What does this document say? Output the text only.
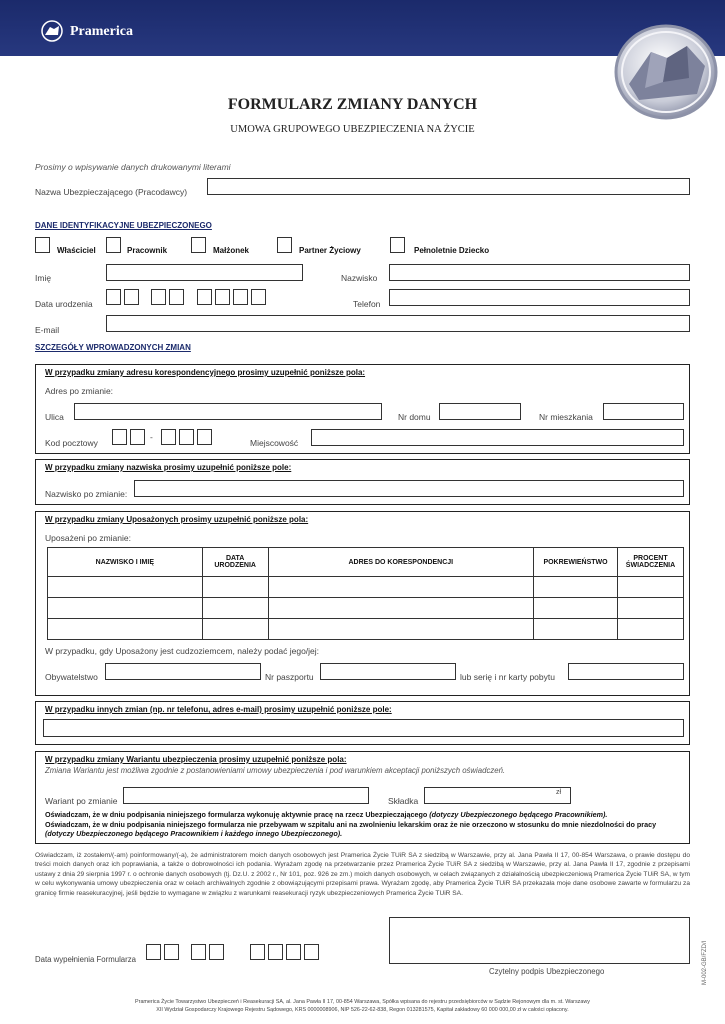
Pramerica
FORMULARZ ZMIANY DANYCH
UMOWA GRUPOWEGO UBEZPIECZENIA NA ŻYCIE
Prosimy o wpisywanie danych drukowanymi literami
Nazwa Ubezpieczającego (Pracodawcy)
DANE IDENTYFIKACYJNE UBEZPIECZONEGO
Właściciel	Pracownik	Małżonek	Partner Życiowy	Pełnoletnie Dziecko
Imię	Nazwisko
Data urodzenia	Telefon
E-mail
SZCZEGÓŁY WPROWADZONYCH ZMIAN
W przypadku zmiany adresu korespondencyjnego prosimy uzupełnić poniższe pola:
Adres po zmianie:
Ulica	Nr domu	Nr mieszkania
Kod pocztowy
-
Miejscowość
W przypadku zmiany nazwiska prosimy uzupełnić poniższe pole:
Nazwisko po zmianie:
W przypadku zmiany Uposażonych prosimy uzupełnić poniższe pola:
Uposażeni po zmianie:
NAZWISKO I IMIĘ	DATA URODZENIA	ADRES DO KORESPONDENCJI	POKREWIEŃSTWO	PROCENT ŚWIADCZENIA

W przypadku, gdy Uposażony jest cudzoziemcem, należy podać jego/jej:
Obywatelstwo	Nr paszportu	lub serię i nr karty pobytu
W przypadku innych zmian (np. nr telefonu, adres e-mail) prosimy uzupełnić poniższe pole:
W przypadku zmiany Wariantu ubezpieczenia prosimy uzupełnić poniższe pola:
Zmiana Wariantu jest możliwa zgodnie z postanowieniami umowy ubezpieczenia i pod warunkiem akceptacji poniższych oświadczeń.
Wariant po zmianie	Składka
zł
Oświadczam, że w dniu podpisania niniejszego formularza wykonuję aktywnie pracę na rzecz Ubezpieczającego (dotyczy Ubezpieczonego będącego Pracownikiem).
Oświadczam, że w dniu podpisania niniejszego formularza nie przebywam w szpitalu ani na zwolnieniu lekarskim oraz że nie orzeczono w stosunku do mnie niezdolności do pracy (dotyczy Ubezpieczonego będącego Pracownikiem i każdego innego Ubezpieczonego).
Oświadczam, iż zostałem/(-am) poinformowany/(-a), że administratorem moich danych osobowych jest Pramerica Życie TUiR SA z siedzibą w Warszawie, przy al. Jana Pawła II 17, 00-854 Warszawa, o prawie dostępu do treści moich danych oraz ich poprawiania, a także o dobrowolności ich podania. Wyrażam zgodę na przetwarzanie przez Pramerica Życie TUiR SA z siedzibą w Warszawie, przy al. Jana Pawła II 17, zgodnie z przepisami ustawy z dnia 29 sierpnia 1997 r. o ochronie danych osobowych (tj. Dz.U. z 2002 r., Nr 101, poz. 926 ze zm.) moich danych osobowych, w celach związanych z działalnością ubezpieczeniową Pramerica Życie TUiR SA, w tym w celu wykonywania umowy ubezpieczenia oraz w celach archiwalnych zgodnie z obowiązującymi przepisami prawa. Wyrażam zgodę, aby Pramerica Życie TUiR SA przekazała moje dane osobowe zawarte w formularzu za granicę firmie reasekuracyjnej, jeśli będzie to wymagane w związku z warunkami reasekuracji ryzyk ubezpieczeniowych Pramerica Życie TUiR SA.
Czytelny podpis Ubezpieczonego
Data wypełnienia Formularza	M-002-GB/FZD/I
Pramerica Życie Towarzystwo Ubezpieczeń i Reasekuracji SA, al. Jana Pawła II 17, 00-854 Warszawa, Spółka wpisana do rejestru przedsiębiorców w Sądzie Rejonowym dla m. st. Warszawy
XII Wydział Gospodarczy Krajowego Rejestru Sądowego, KRS 0000008906, NIP 526-22-62-838, Regon 013281575, Kapitał zakładowy 60 000 000,00 zł w całości opłacony.
